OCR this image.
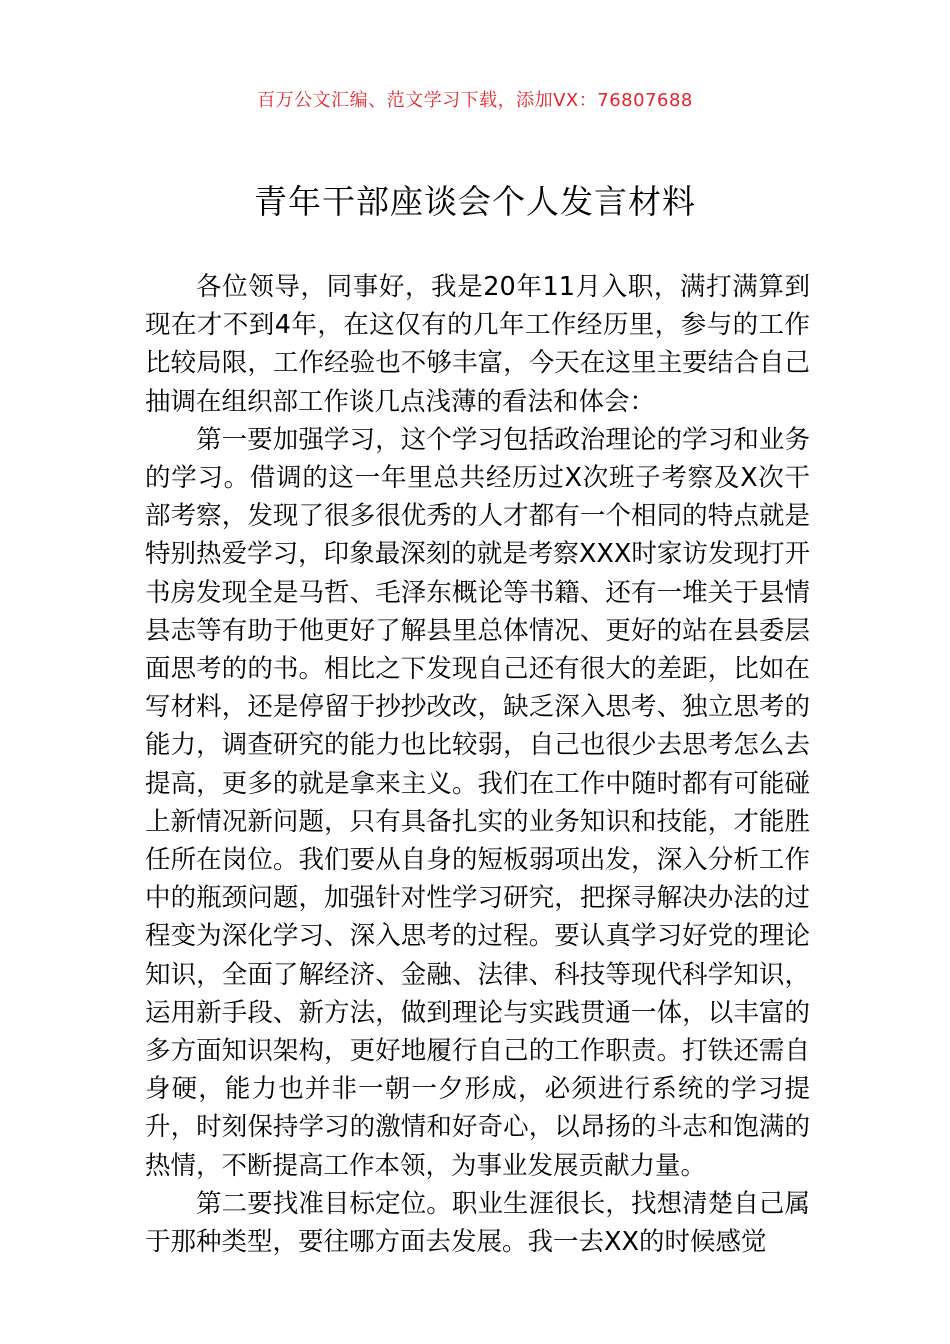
百万公文汇编、范文学习下载，添加VX：76807688
青年干部座谈会个人发言材料

各位领导，同事好，我是20年11月入职，满打满算到现在才不到4年，在这仅有的几年工作经历里，参与的工作比较局限，工作经验也不够丰富，今天在这里主要结合自己抽调在组织部工作谈几点浅薄的看法和体会：

第一要加强学习，这个学习包括政治理论的学习和业务的学习。借调的这一年里总共经历过X次班子考察及X次干部考察，发现了很多很优秀的人才都有一个相同的特点就是特别热爱学习，印象最深刻的就是考察XXX时家访发现打开书房发现全是马哲、毛泽东概论等书籍、还有一堆关于县情县志等有助于他更好了解县里总体情况、更好的站在县委层面思考的的书。相比之下发现自己还有很大的差距，比如在写材料，还是停留于抄抄改改，缺乏深入思考、独立思考的能力，调查研究的能力也比较弱，自己也很少去思考怎么去提高，更多的就是拿来主义。我们在工作中随时都有可能碰上新情况新问题，只有具备扎实的业务知识和技能，才能胜任所在岗位。我们要从自身的短板弱项出发，深入分析工作中的瓶颈问题，加强针对性学习研究，把探寻解决办法的过程变为深化学习、深入思考的过程。要认真学习好党的理论知识，全面了解经济、金融、法律、科技等现代科学知识，运用新手段、新方法，做到理论与实践贯通一体，以丰富的多方面知识架构，更好地履行自己的工作职责。打铁还需自身硬，能力也并非一朝一夕形成，必须进行系统的学习提升，时刻保持学习的激情和好奇心，以昂扬的斗志和饱满的热情，不断提高工作本领，为事业发展贡献力量。

第二要找准目标定位。职业生涯很长，找想清楚自己属于那种类型，要往哪方面去发展。我一去XX的时候感觉
